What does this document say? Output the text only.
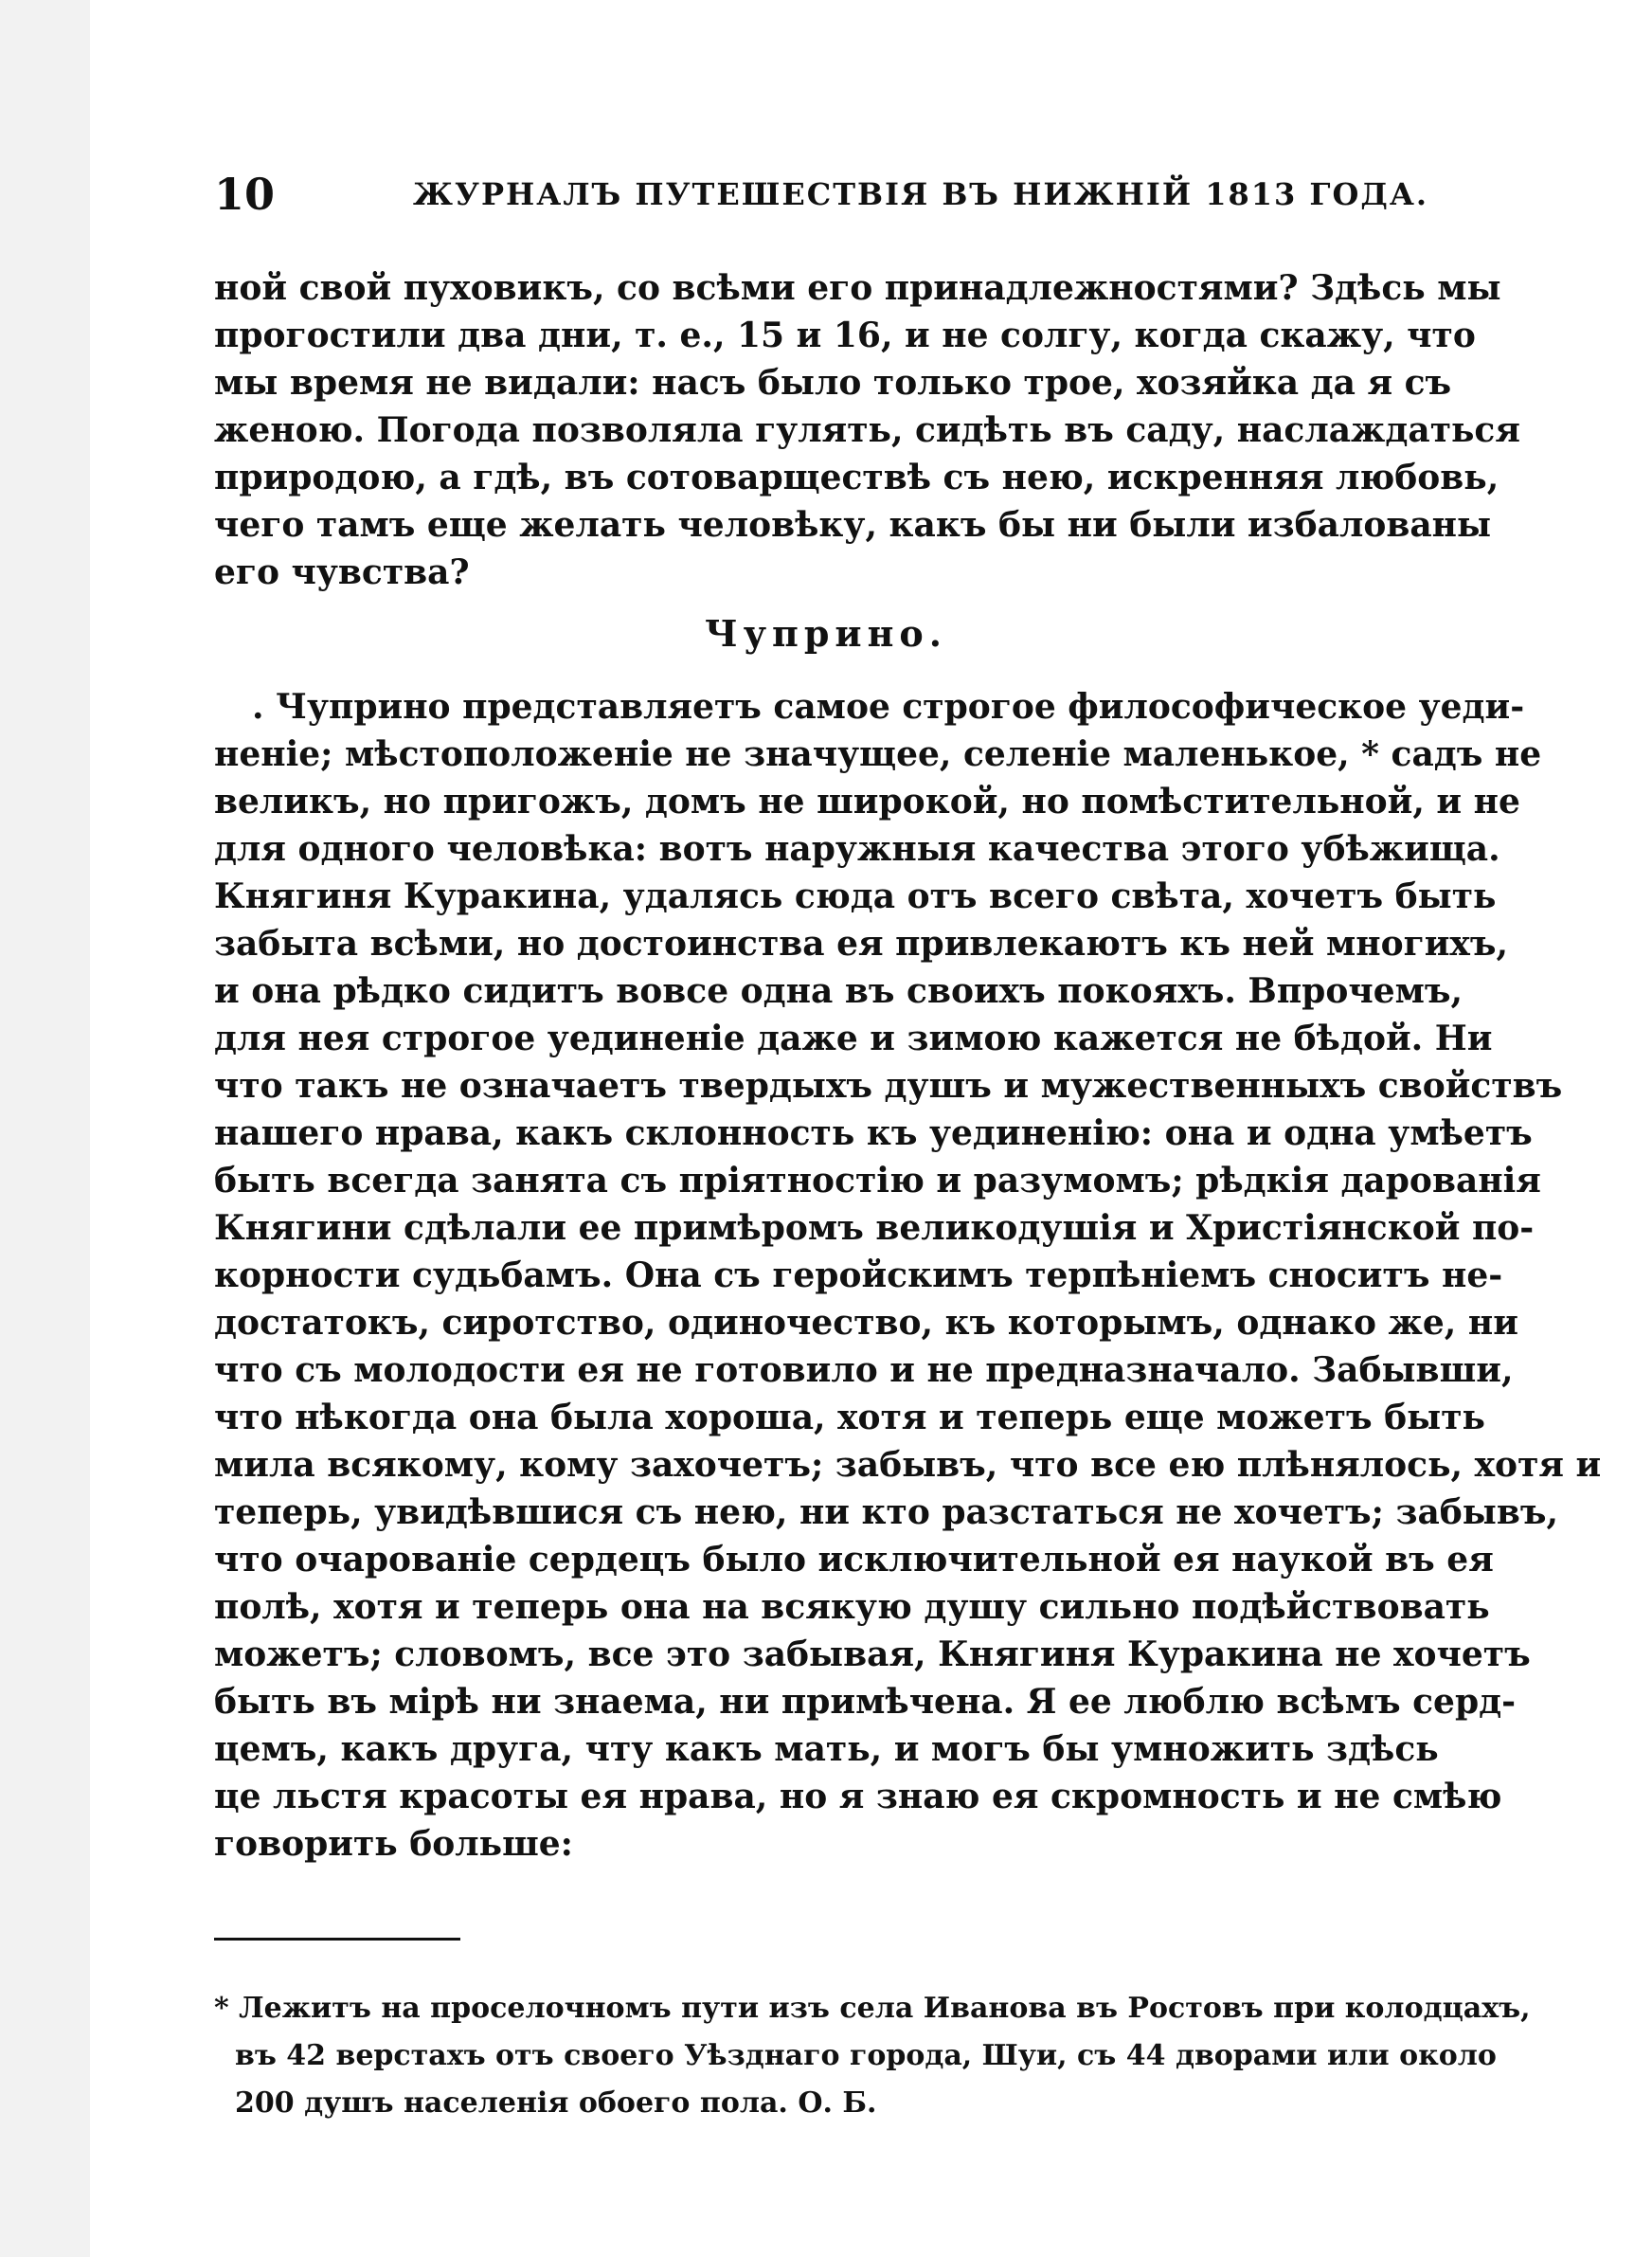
10	ЖУРНАЛЪ ПУТЕШЕСТВІЯ ВЪ НИЖНІЙ 1813 ГОДА.
ной свой пуховикъ, со всѣми его принадлежностями? Здѣсь мы
прогостили два дни, т. е., 15 и 16, и не солгу, когда скажу, что
мы время не видали: насъ было только трое, хозяйка да я съ
женою. Погода позволяла гулять, сидѣть въ саду, наслаждаться
природою, а гдѣ, въ сотоварществѣ съ нею, искренняя любовь,
чего тамъ еще желать человѣку, какъ бы ни были избалованы
его чувства?
Чуприно.
. Чуприно представляетъ самое строгое философическое уеди-
неніе; мѣстоположеніе не значущее, селеніе маленькое, * садъ не
великъ, но пригожъ, домъ не широкой, но помѣстительной, и не
для одного человѣка: вотъ наружныя качества этого убѣжища.
Княгиня Куракина, удалясь сюда отъ всего свѣта, хочетъ быть
забыта всѣми, но достоинства ея привлекаютъ къ ней многихъ,
и она рѣдко сидитъ вовсе одна въ своихъ покояхъ. Впрочемъ,
для нея строгое уединеніе даже и зимою кажется не бѣдой. Ни
что такъ не означаетъ твердыхъ душъ и мужественныхъ свойствъ
нашего нрава, какъ склонность къ уединенію: она и одна умѣетъ
быть всегда занята съ пріятностію и разумомъ; рѣдкія дарованія
Княгини сдѣлали ее примѣромъ великодушія и Христіянской по-
корности судьбамъ. Она съ геройскимъ терпѣніемъ сноситъ не-
достатокъ, сиротство, одиночество, къ которымъ, однако же, ни
что съ молодости ея не готовило и не предназначало. Забывши,
что нѣкогда она была хороша, хотя и теперь еще можетъ быть
мила всякому, кому захочетъ; забывъ, что все ею плѣнялось, хотя и
теперь, увидѣвшися съ нею, ни кто разстаться не хочетъ; забывъ,
что очарованіе сердецъ было исключительной ея наукой въ ея
полѣ, хотя и теперь она на всякую душу сильно подѣйствовать
можетъ; словомъ, все это забывая, Княгиня Куракина не хочетъ
быть въ мірѣ ни знаема, ни примѣчена. Я ее люблю всѣмъ серд-
цемъ, какъ друга, чту какъ мать, и могъ бы умножить здѣсь
це льстя красоты ея нрава, но я знаю ея скромность и не смѣю
говорить больше:
* Лежитъ на проселочномъ пути изъ села Иванова въ Ростовъ при колодцахъ,
въ 42 верстахъ отъ своего Уѣзднаго города, Шуи, съ 44 дворами или около
200 душъ населенія обоего пола. О. Б.
